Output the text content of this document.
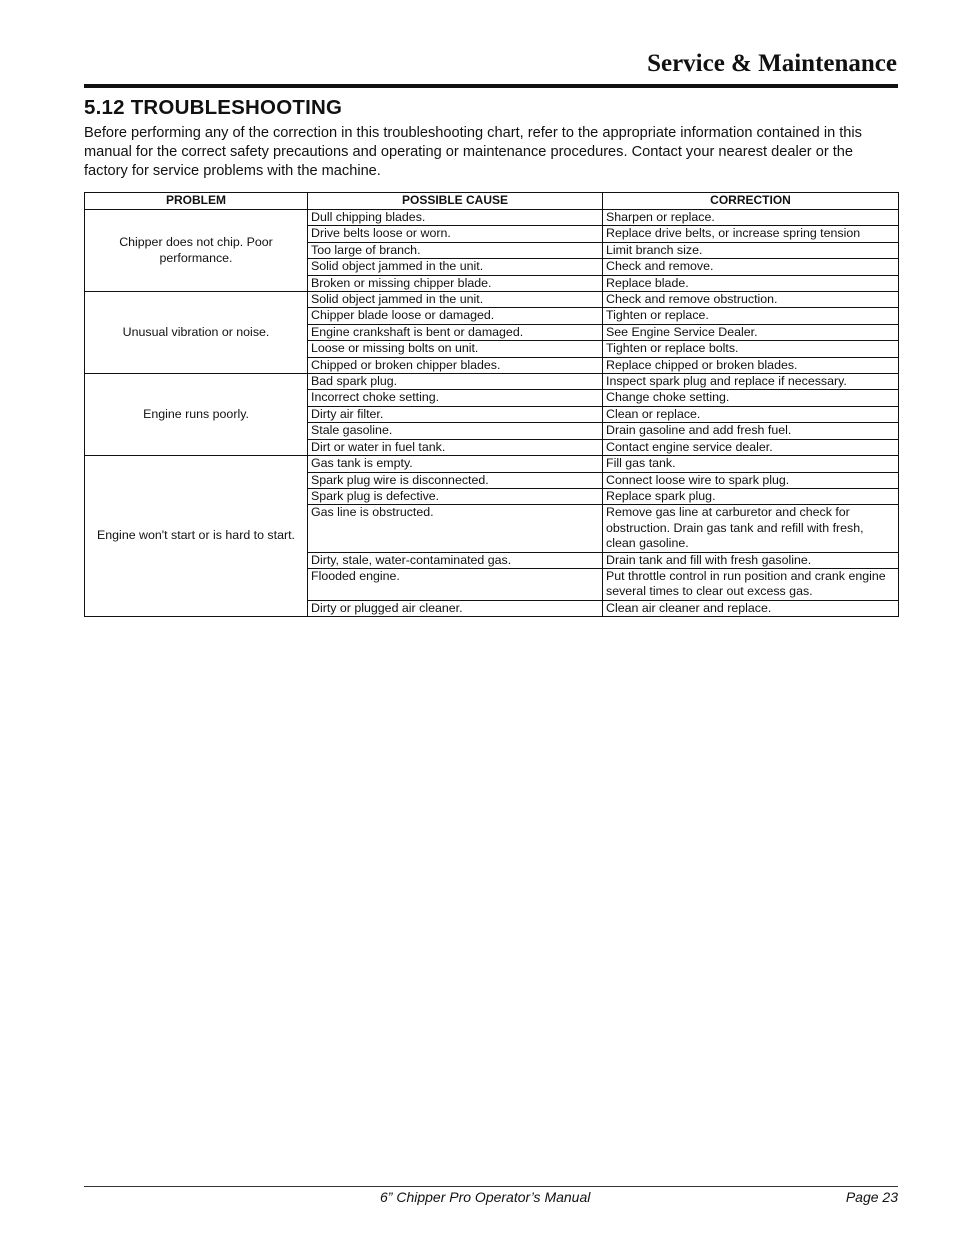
Service & Maintenance
5.12 TROUBLESHOOTING

Before performing any of the correction in this troubleshooting chart, refer to the appropriate information contained in this manual for the correct safety precautions and operating or maintenance procedures. Contact your nearest dealer or the factory for service problems with the machine.

PROBLEM	POSSIBLE CAUSE	CORRECTION
Chipper does not chip. Poor performance.	Dull chipping blades.	Sharpen or replace.
	Drive belts loose or worn.	Replace drive belts, or increase spring tension
	Too large of branch.	Limit branch size.
	Solid object jammed in the unit.	Check and remove.
	Broken or missing chipper blade.	Replace blade.
Unusual vibration or noise.	Solid object jammed in the unit.	Check and remove obstruction.
	Chipper blade loose or damaged.	Tighten or replace.
	Engine crankshaft is bent or damaged.	See Engine Service Dealer.
	Loose or missing bolts on unit.	Tighten or replace bolts.
	Chipped or broken chipper blades.	Replace chipped or broken blades.
Engine runs poorly.	Bad spark plug.	Inspect spark plug and replace if necessary.
	Incorrect choke setting.	Change choke setting.
	Dirty air filter.	Clean or replace.
	Stale gasoline.	Drain gasoline and add fresh fuel.
	Dirt or water in fuel tank.	Contact engine service dealer.
Engine won't start or is hard to start.	Gas tank is empty.	Fill gas tank.
	Spark plug wire is disconnected.	Connect loose wire to spark plug.
	Spark plug is defective.	Replace spark plug.
	Gas line is obstructed.	Remove gas line at carburetor and check for obstruction. Drain gas tank and refill with fresh, clean gasoline.
	Dirty, stale, water-contaminated gas.	Drain tank and fill with fresh gasoline.
	Flooded engine.	Put throttle control in run position and crank engine several times to clear out excess gas.
	Dirty or plugged air cleaner.	Clean air cleaner and replace.
6” Chipper Pro Operator’s Manual	Page 23
